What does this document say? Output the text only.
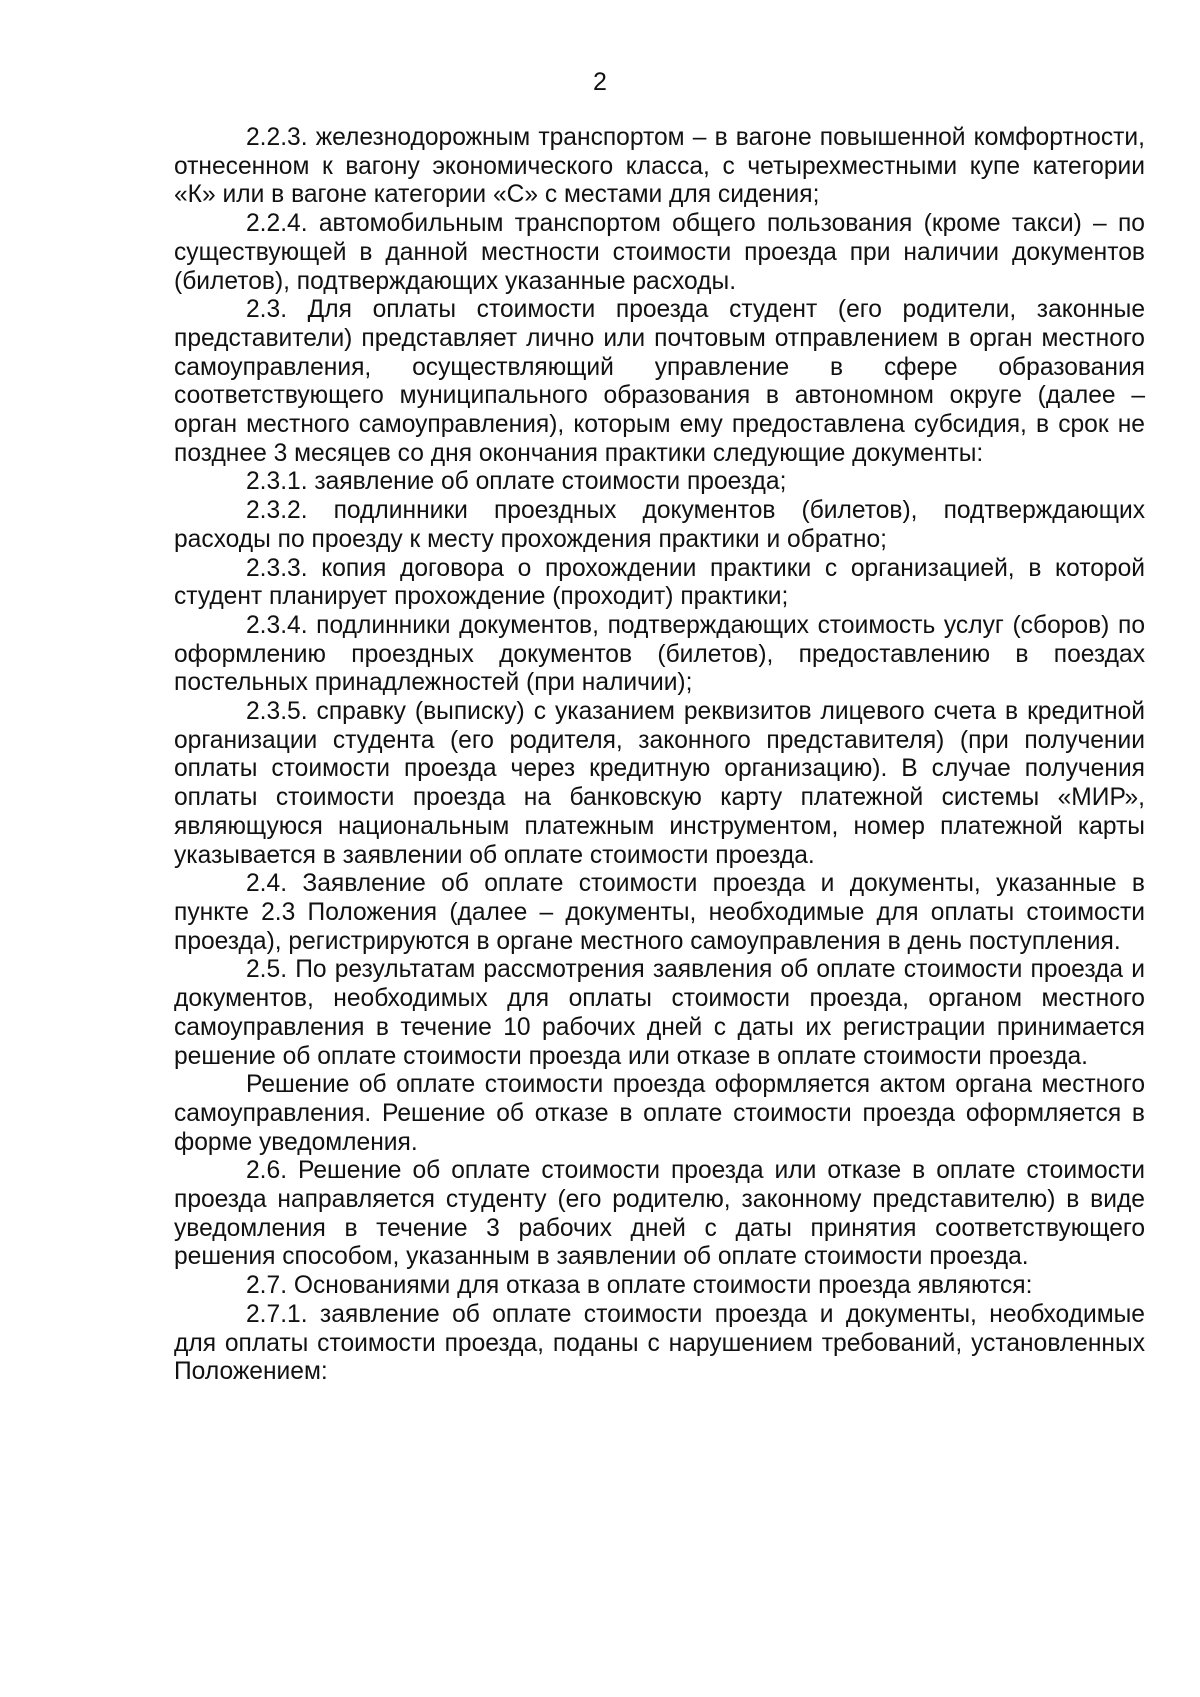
2

2.2.3. железнодорожным транспортом – в вагоне повышенной комфортности, отнесенном к вагону экономического класса, с четырехместными купе категории «К» или в вагоне категории «С» с местами для сидения;

2.2.4. автомобильным транспортом общего пользования (кроме такси) – по существующей в данной местности стоимости проезда при наличии документов (билетов), подтверждающих указанные расходы.

2.3. Для оплаты стоимости проезда студент (его родители, законные представители) представляет лично или почтовым отправлением в орган местного самоуправления, осуществляющий управление в сфере образования соответствующего муниципального образования в автономном округе (далее – орган местного самоуправления), которым ему предоставлена субсидия, в срок не позднее 3 месяцев со дня окончания практики следующие документы:

2.3.1. заявление об оплате стоимости проезда;

2.3.2. подлинники проездных документов (билетов), подтверждающих расходы по проезду к месту прохождения практики и обратно;

2.3.3. копия договора о прохождении практики с организацией, в которой студент планирует прохождение (проходит) практики;

2.3.4. подлинники документов, подтверждающих стоимость услуг (сборов) по оформлению проездных документов (билетов), предоставлению в поездах постельных принадлежностей (при наличии);

2.3.5. справку (выписку) с указанием реквизитов лицевого счета в кредитной организации студента (его родителя, законного представителя) (при получении оплаты стоимости проезда через кредитную организацию). В случае получения оплаты стоимости проезда на банковскую карту платежной системы «МИР», являющуюся национальным платежным инструментом, номер платежной карты указывается в заявлении об оплате стоимости проезда.

2.4. Заявление об оплате стоимости проезда и документы, указанные в пункте 2.3 Положения (далее – документы, необходимые для оплаты стоимости проезда), регистрируются в органе местного самоуправления в день поступления.

2.5. По результатам рассмотрения заявления об оплате стоимости проезда и документов, необходимых для оплаты стоимости проезда, органом местного самоуправления в течение 10 рабочих дней с даты их регистрации принимается решение об оплате стоимости проезда или отказе в оплате стоимости проезда.

Решение об оплате стоимости проезда оформляется актом органа местного самоуправления. Решение об отказе в оплате стоимости проезда оформляется в форме уведомления.

2.6. Решение об оплате стоимости проезда или отказе в оплате стоимости проезда направляется студенту (его родителю, законному представителю) в виде уведомления в течение 3 рабочих дней с даты принятия соответствующего решения способом, указанным в заявлении об оплате стоимости проезда.

2.7. Основаниями для отказа в оплате стоимости проезда являются:

2.7.1. заявление об оплате стоимости проезда и документы, необходимые для оплаты стоимости проезда, поданы с нарушением требований, установленных Положением:
